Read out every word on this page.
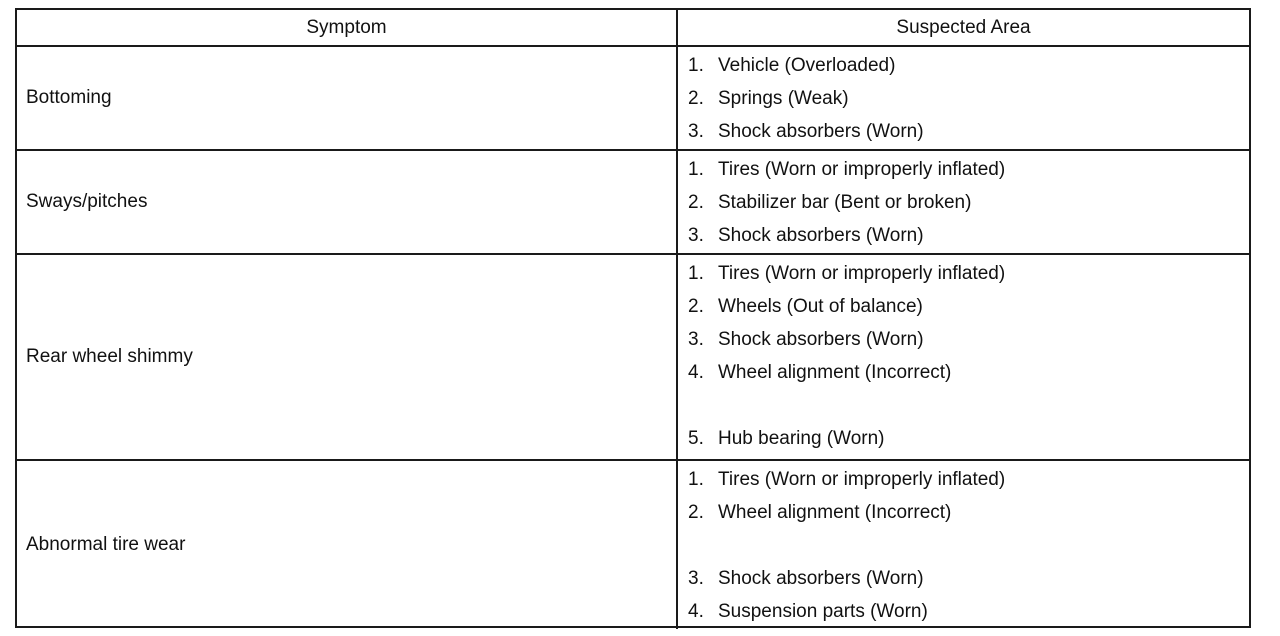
Symptom	Suspected Area
Bottoming	1. Vehicle (Overloaded)
2. Springs (Weak)
3. Shock absorbers (Worn)

Sways/pitches	1. Tires (Worn or improperly inflated)
2. Stabilizer bar (Bent or broken)
3. Shock absorbers (Worn)

Rear wheel shimmy	1. Tires (Worn or improperly inflated)
2. Wheels (Out of balance)
3. Shock absorbers (Worn)
4. Wheel alignment (Incorrect)
5. Hub bearing (Worn)

Abnormal tire wear	1. Tires (Worn or improperly inflated)
2. Wheel alignment (Incorrect)
3. Shock absorbers (Worn)
4. Suspension parts (Worn)
